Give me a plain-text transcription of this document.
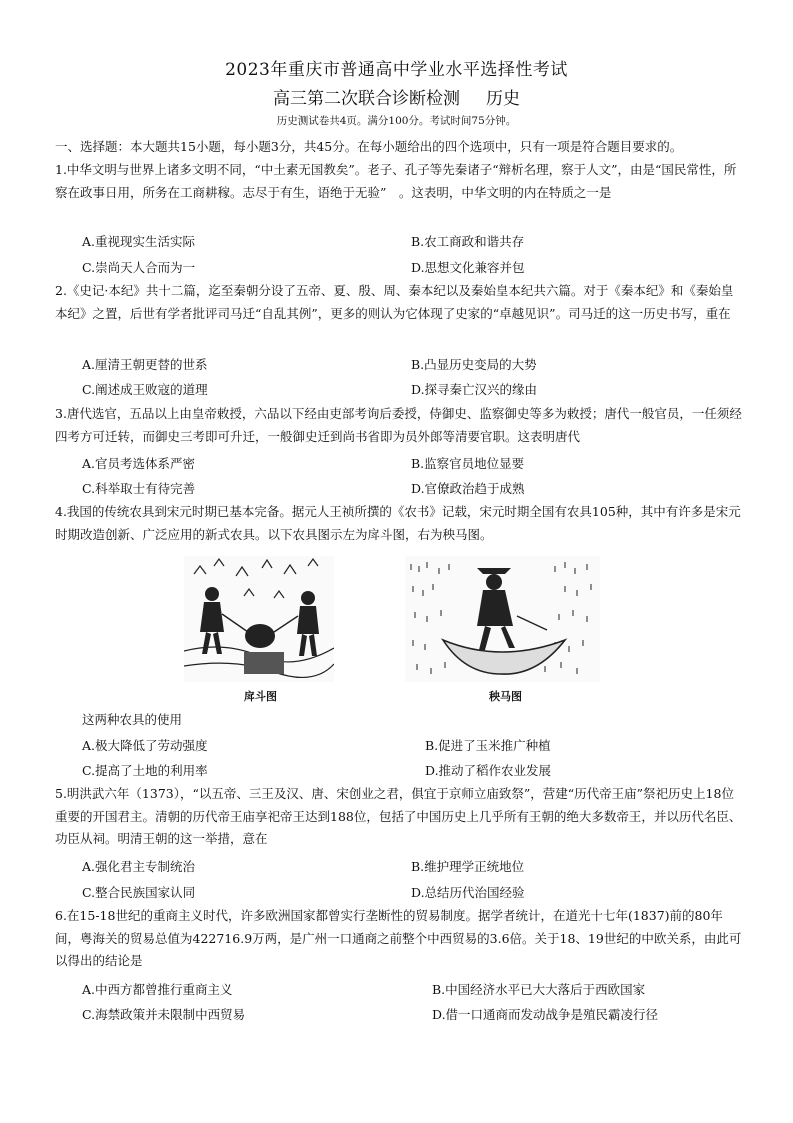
2023年重庆市普通高中学业水平选择性考试
高三第二次联合诊断检测 历史
历史测试卷共4页。满分100分。考试时间75分钟。
一、选择题：本大题共15小题，每小题3分，共45分。在每小题给出的四个选项中，只有一项是符合题目要求的。
1.中华文明与世界上诸多文明不同，“中土素无国教矣”。老子、孔子等先秦诸子“辩析名理，察于人文”，由是“国民常性，所察在政事日用，所务在工商耕稼。志尽于有生，语绝于无验”　。这表明，中华文明的内在特质之一是
A.重视现实生活实际	B.农工商政和谐共存
C.崇尚天人合而为一	D.思想文化兼容并包
2.《史记·本纪》共十二篇，迄至秦朝分设了五帝、夏、殷、周、秦本纪以及秦始皇本纪共六篇。对于《秦本纪》和《秦始皇本纪》之置，后世有学者批评司马迁“自乱其例”，更多的则认为它体现了史家的“卓越见识”。司马迁的这一历史书写，重在
A.厘清王朝更替的世系	B.凸显历史变局的大势
C.阐述成王败寇的道理	D.探寻秦亡汉兴的缘由
3.唐代选官，五品以上由皇帝敕授，六品以下经由吏部考询后委授，侍御史、监察御史等多为敕授；唐代一般官员，一任须经四考方可迁转，而御史三考即可升迁，一般御史迁到尚书省即为员外郎等清要官职。这表明唐代
A.官员考选体系严密	B.监察官员地位显要
C.科举取士有待完善	D.官僚政治趋于成熟
4.我国的传统农具到宋元时期已基本完备。据元人王祯所撰的《农书》记载，宋元时期全国有农具105种，其中有许多是宋元时期改造创新、广泛应用的新式农具。以下农具图示左为戽斗图，右为秧马图。
戽斗图	秧马图
这两种农具的使用
A.极大降低了劳动强度	B.促进了玉米推广种植
C.提高了土地的利用率	D.推动了稻作农业发展
5.明洪武六年（1373），“以五帝、三王及汉、唐、宋创业之君，俱宜于京师立庙致祭”，营建“历代帝王庙”祭祀历史上18位重要的开国君主。清朝的历代帝王庙享祀帝王达到188位，包括了中国历史上几乎所有王朝的绝大多数帝王，并以历代名臣、功臣从祠。明清王朝的这一举措，意在
A.强化君主专制统治	B.维护理学正统地位
C.整合民族国家认同	D.总结历代治国经验
6.在15-18世纪的重商主义时代，许多欧洲国家都曾实行垄断性的贸易制度。据学者统计，在道光十七年(1837)前的80年间，粤海关的贸易总值为422716.9万两，是广州一口通商之前整个中西贸易的3.6倍。关于18、19世纪的中欧关系，由此可以得出的结论是
A.中西方都曾推行重商主义	B.中国经济水平已大大落后于西欧国家
C.海禁政策并未限制中西贸易	D.借一口通商而发动战争是殖民霸凌行径
